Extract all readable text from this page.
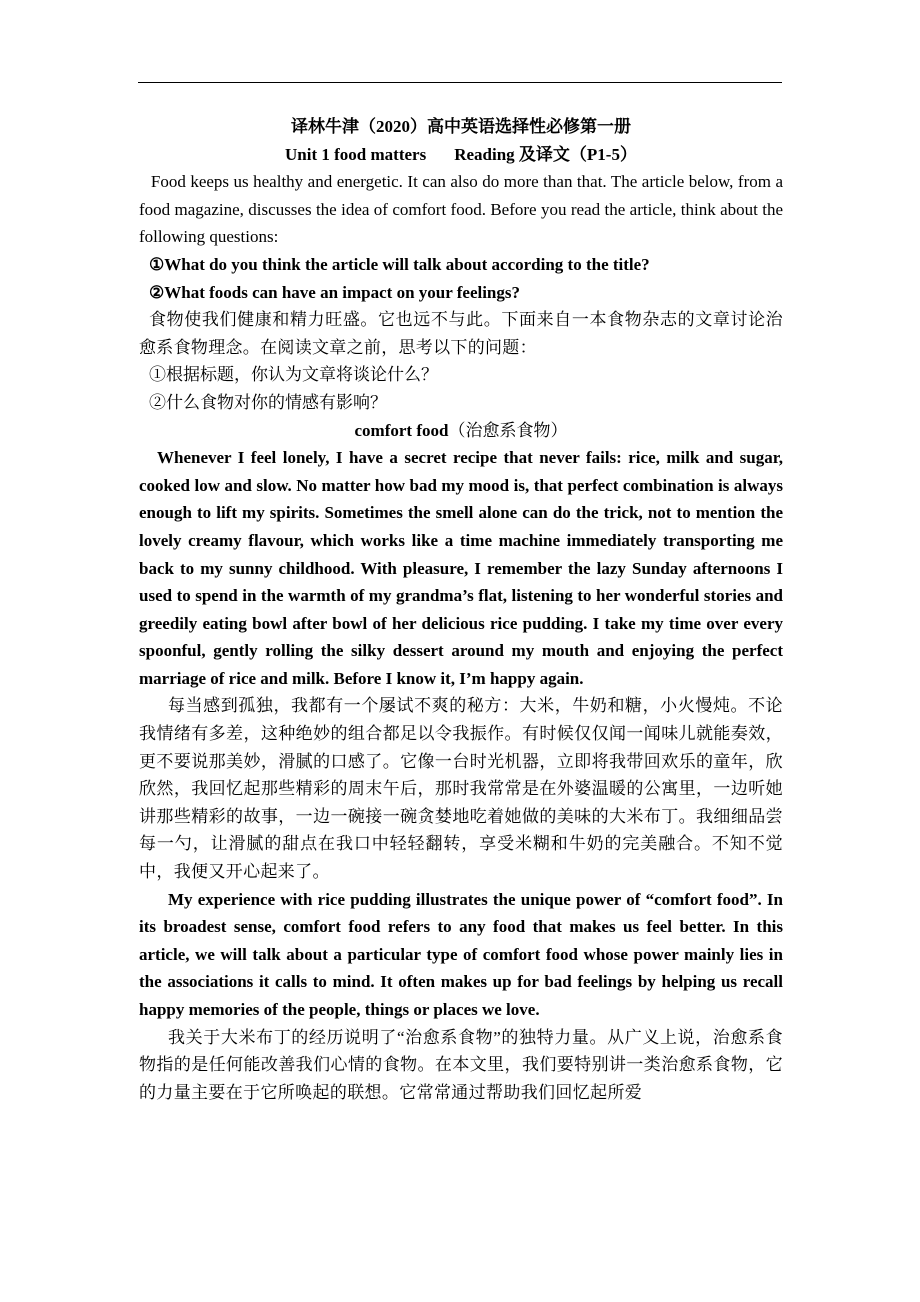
译林牛津（2020）高中英语选择性必修第一册
Unit 1 food matters Reading 及译文（P1-5）

Food keeps us healthy and energetic. It can also do more than that. The article below, from a food magazine, discusses the idea of comfort food. Before you read the article, think about the following questions:

①What do you think the article will talk about according to the title?
②What foods can have an impact on your feelings?

食物使我们健康和精力旺盛。它也远不与此。下面来自一本食物杂志的文章讨论治愈系食物理念。在阅读文章之前，思考以下的问题：

①根据标题，你认为文章将谈论什么？
②什么食物对你的情感有影响？
comfort food（治愈系食物）

Whenever I feel lonely, I have a secret recipe that never fails: rice, milk and sugar, cooked low and slow. No matter how bad my mood is, that perfect combination is always enough to lift my spirits. Sometimes the smell alone can do the trick, not to mention the lovely creamy flavour, which works like a time machine immediately transporting me back to my sunny childhood. With pleasure, I remember the lazy Sunday afternoons I used to spend in the warmth of my grandma’s flat, listening to her wonderful stories and greedily eating bowl after bowl of her delicious rice pudding. I take my time over every spoonful, gently rolling the silky dessert around my mouth and enjoying the perfect marriage of rice and milk. Before I know it, I’m happy again.

每当感到孤独，我都有一个屡试不爽的秘方：大米，牛奶和糖，小火慢炖。不论我情绪有多差，这种绝妙的组合都足以令我振作。有时候仅仅闻一闻味儿就能奏效，更不要说那美妙，滑腻的口感了。它像一台时光机器，立即将我带回欢乐的童年，欣欣然，我回忆起那些精彩的周末午后，那时我常常是在外婆温暖的公寓里，一边听她讲那些精彩的故事，一边一碗接一碗贪婪地吃着她做的美味的大米布丁。我细细品尝每一勺，让滑腻的甜点在我口中轻轻翻转，享受米糊和牛奶的完美融合。不知不觉中，我便又开心起来了。

My experience with rice pudding illustrates the unique power of “comfort food”. In its broadest sense, comfort food refers to any food that makes us feel better. In this article, we will talk about a particular type of comfort food whose power mainly lies in the associations it calls to mind. It often makes up for bad feelings by helping us recall happy memories of the people, things or places we love.

我关于大米布丁的经历说明了“治愈系食物”的独特力量。从广义上说，治愈系食物指的是任何能改善我们心情的食物。在本文里，我们要特别讲一类治愈系食物，它的力量主要在于它所唤起的联想。它常常通过帮助我们回忆起所爱
